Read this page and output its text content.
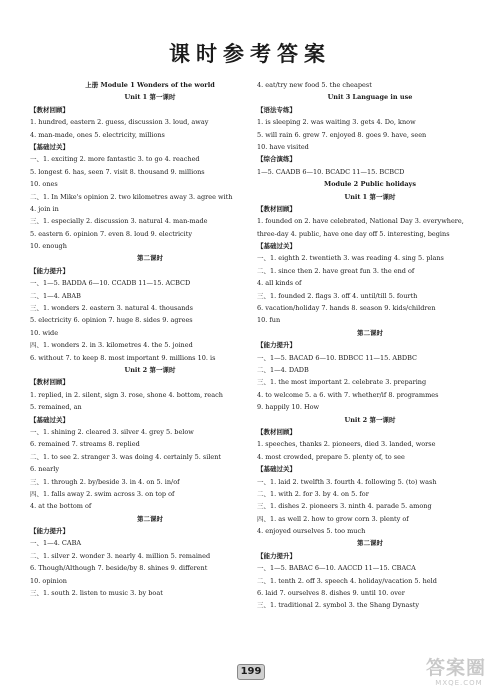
课时参考答案
上册 Module 1 Wonders of the world
Unit 1 第一课时
【教材回顾】
1. hundred, eastern 2. guess, discussion 3. loud, away
4. man-made, ones 5. electricity, millions
【基础过关】
一、1. exciting 2. more fantastic 3. to go 4. reached
5. longest 6. has, seen 7. visit 8. thousand 9. millions
10. ones
二、1. In Mike's opinion 2. two kilometres away 3. agree with
4. join in
三、1. especially 2. discussion 3. natural 4. man-made
5. eastern 6. opinion 7. even 8. loud 9. electricity
10. enough
第二课时
【能力提升】
一、1—5. BADDA 6—10. CCADB 11—15. ACBCD
二、1—4. ABAB
三、1. wonders 2. eastern 3. natural 4. thousands
5. electricity 6. opinion 7. huge 8. sides 9. agrees
10. wide
四、1. wonders 2. in 3. kilometres 4. the 5. joined
6. without 7. to keep 8. most important 9. millions 10. is
Unit 2 第一课时
【教材回顾】
1. replied, in 2. silent, sign 3. rose, shone 4. bottom, reach
5. remained, an
【基础过关】
一、1. shining 2. cleared 3. silver 4. grey 5. below
6. remained 7. streams 8. replied
二、1. to see 2. stranger 3. was doing 4. certainly 5. silent
6. nearly
三、1. through 2. by/beside 3. in 4. on 5. in/of
四、1. falls away 2. swim across 3. on top of
4. at the bottom of
第二课时
【能力提升】
一、1—4. CABA
二、1. silver 2. wonder 3. nearly 4. million 5. remained
6. Though/Although 7. beside/by 8. shines 9. different
10. opinion
三、1. south 2. listen to music 3. by boat
4. eat/try new food 5. the cheapest
Unit 3 Language in use
【语法专练】
1. is sleeping 2. was waiting 3. gets 4. Do, know
5. will rain 6. grew 7. enjoyed 8. goes 9. have, seen
10. have visited
【综合演练】
1—5. CAADB 6—10. BCADC 11—15. BCBCD
Module 2 Public holidays
Unit 1 第一课时
【教材回顾】
1. founded on 2. have celebrated, National Day 3. everywhere,
three-day 4. public, have one day off 5. interesting, begins
【基础过关】
一、1. eighth 2. twentieth 3. was reading 4. sing 5. plans
二、1. since then 2. have great fun 3. the end of
4. all kinds of
三、1. founded 2. flags 3. off 4. until/till 5. fourth
6. vacation/holiday 7. hands 8. season 9. kids/children
10. fun
第二课时
【能力提升】
一、1—5. BACAD 6—10. BDBCC 11—15. ABDBC
二、1—4. DADB
三、1. the most important 2. celebrate 3. preparing
4. to welcome 5. a 6. with 7. whether/if 8. programmes
9. happily 10. How
Unit 2 第一课时
【教材回顾】
1. speeches, thanks 2. pioneers, died 3. landed, worse
4. most crowded, prepare 5. plenty of, to see
【基础过关】
一、1. laid 2. twelfth 3. fourth 4. following 5. (to) wash
二、1. with 2. for 3. by 4. on 5. for
三、1. dishes 2. pioneers 3. ninth 4. parade 5. among
四、1. as well 2. how to grow corn 3. plenty of
4. enjoyed ourselves 5. too much
第二课时
【能力提升】
一、1—5. BABAC 6—10. AACCD 11—15. CBACA
二、1. tenth 2. off 3. speech 4. holiday/vacation 5. held
6. laid 7. ourselves 8. dishes 9. until 10. over
三、1. traditional 2. symbol 3. the Shang Dynasty
199	答案圈
MXQE.COM
